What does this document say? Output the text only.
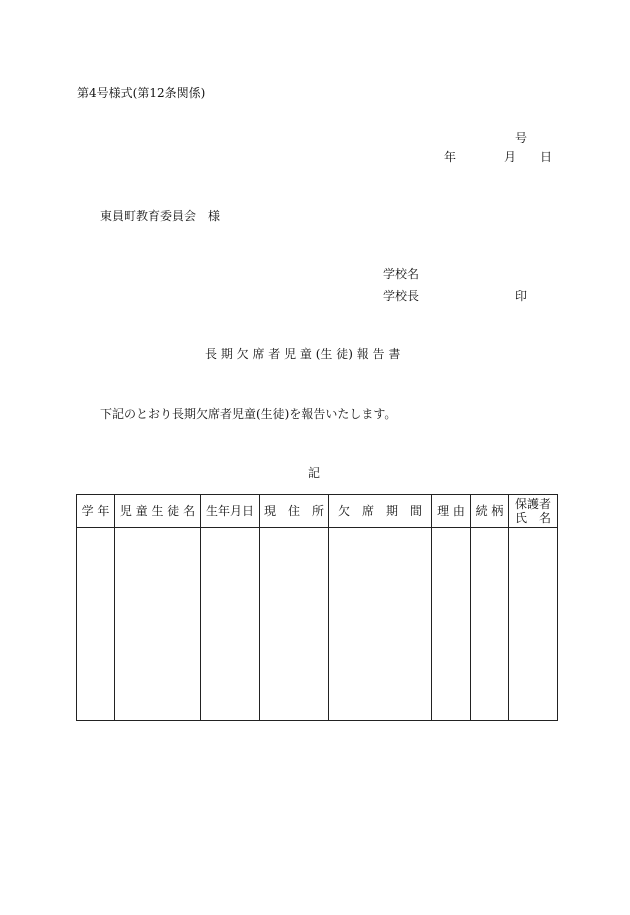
第4号様式(第12条関係)
号
年	月 日
東員町教育委員会　様
学校名
学校長	印
長 期 欠 席 者 児 童 (生 徒) 報 告 書
下記のとおり長期欠席者児童(生徒)を報告いたします。
記
学 年	児 童 生 徒 名	生年月日	現　住　所	欠　席　期　間	理 由	続 柄	保護者
氏　名
